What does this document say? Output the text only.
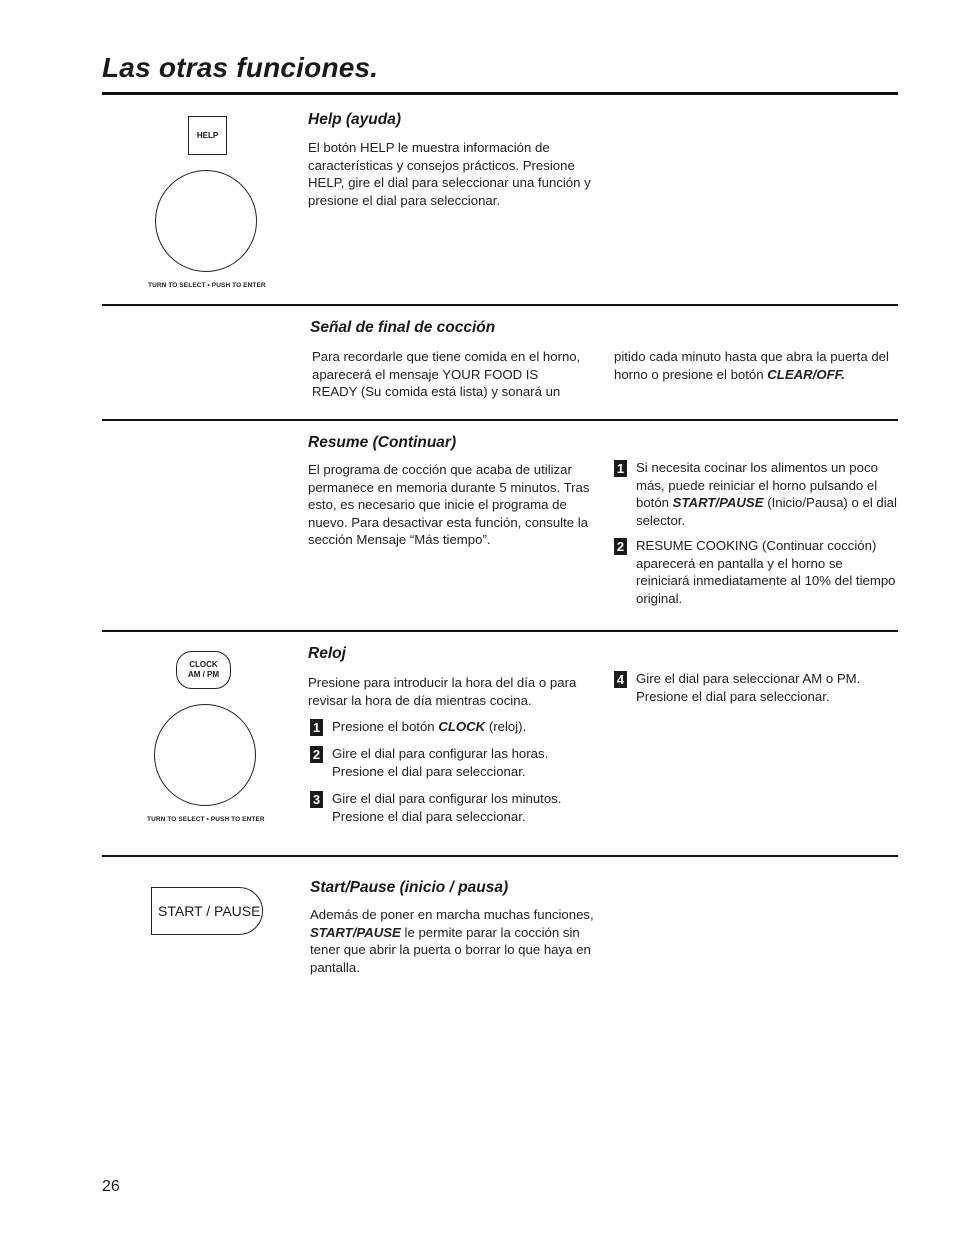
Las otras funciones.
HELP
TURN TO SELECT • PUSH TO ENTER
Help (ayuda)

El botón HELP le muestra información de características y consejos prácticos. Presione HELP, gire el dial para seleccionar una función y presione el dial para seleccionar.

Señal de final de cocción

Para recordarle que tiene comida en el horno, aparecerá el mensaje YOUR FOOD IS READY (Su comida está lista) y sonará un

pitido cada minuto hasta que abra la puerta del horno o presione el botón CLEAR/OFF.

Resume (Continuar)

El programa de cocción que acaba de utilizar permanece en memoria durante 5 minutos. Tras esto, es necesario que inicie el programa de nuevo. Para desactivar esta función, consulte la sección Mensaje “Más tiempo”.

1 Si necesita cocinar los alimentos un poco más, puede reiniciar el horno pulsando el botón START/PAUSE (Inicio/Pausa) o el dial selector.

2 RESUME COOKING (Continuar cocción) aparecerá en pantalla y el horno se reiniciará inmediatamente al 10% del tiempo original.

CLOCK
AM / PM
TURN TO SELECT • PUSH TO ENTER
Reloj

Presione para introducir la hora del día o para revisar la hora de día mientras cocina.

1 Presione el botón CLOCK (reloj).

2 Gire el dial para configurar las horas. Presione el dial para seleccionar.

3 Gire el dial para configurar los minutos. Presione el dial para seleccionar.

4 Gire el dial para seleccionar AM o PM. Presione el dial para seleccionar.

START / PAUSE
Start/Pause (inicio / pausa)

Además de poner en marcha muchas funciones, START/PAUSE le permite parar la cocción sin tener que abrir la puerta o borrar lo que haya en pantalla.

26
